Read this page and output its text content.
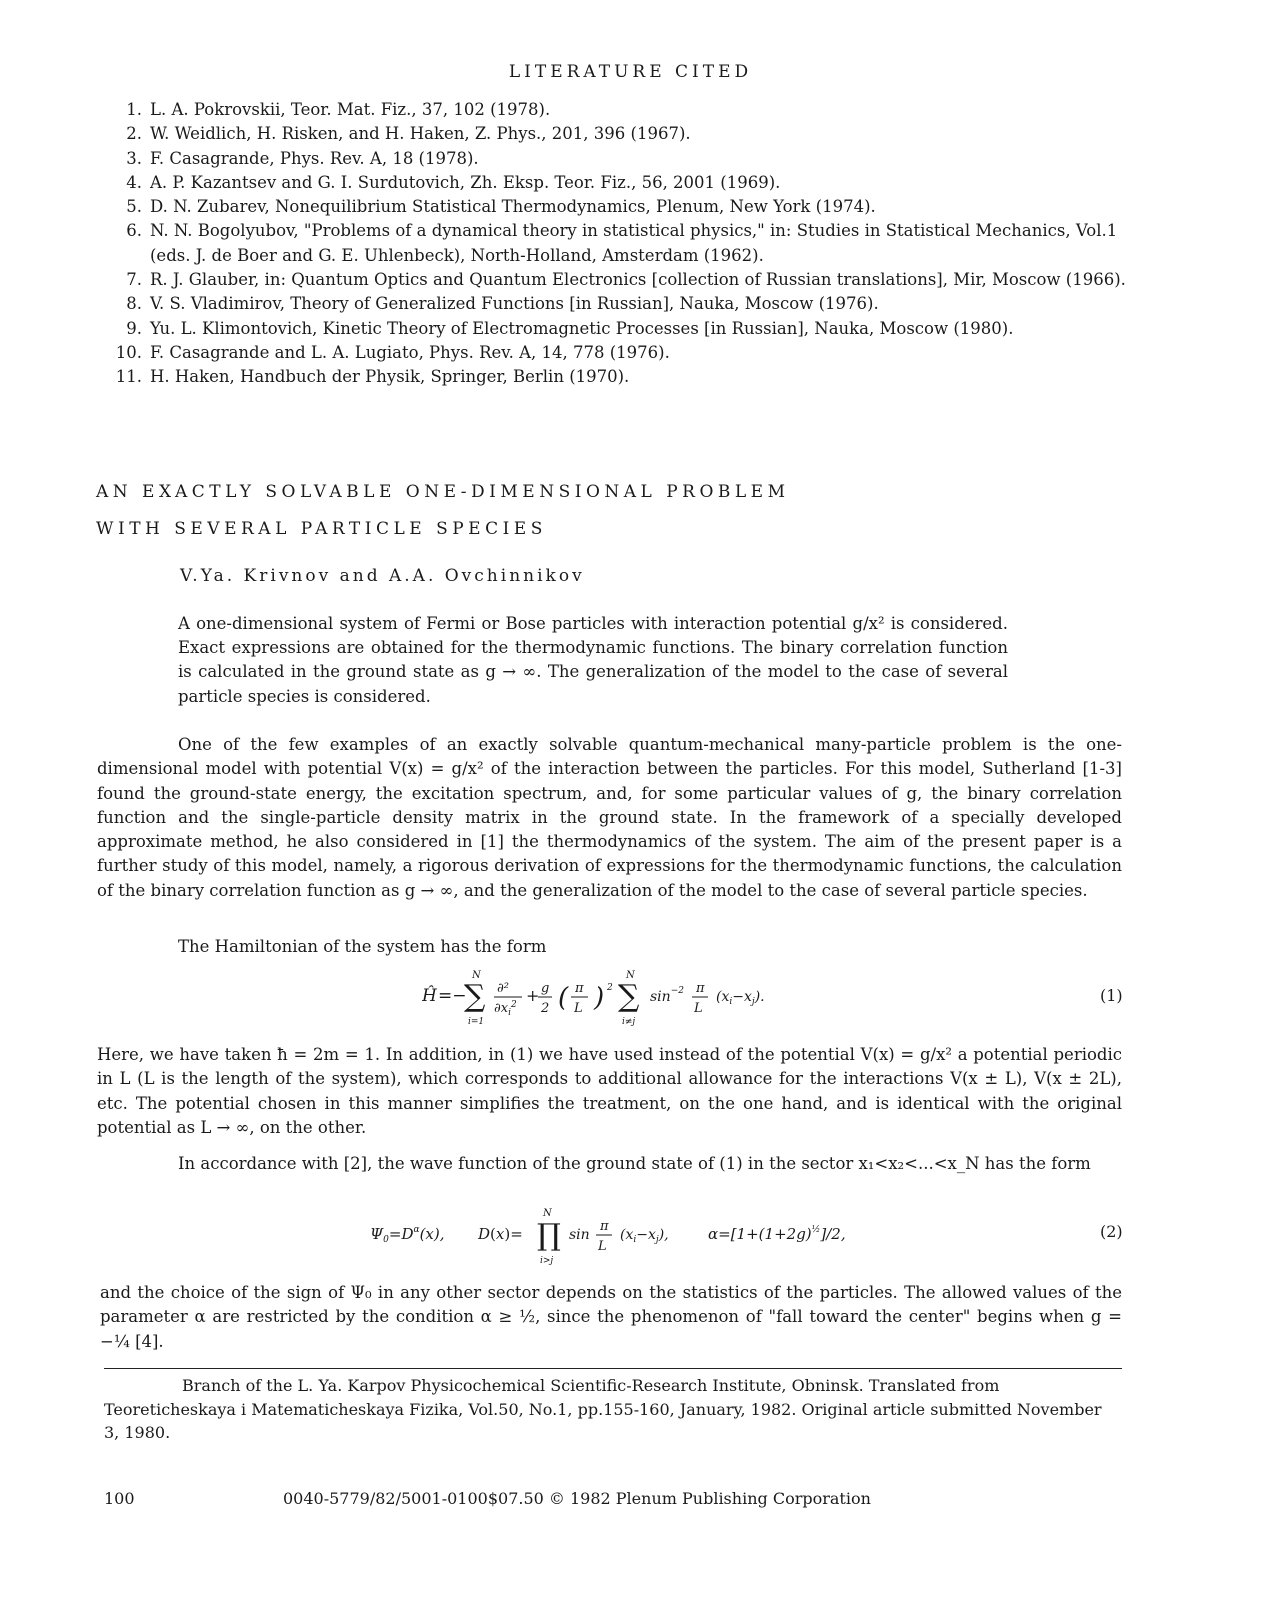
LITERATURE CITED
1. L. A. Pokrovskii, Teor. Mat. Fiz., 37, 102 (1978).
2. W. Weidlich, H. Risken, and H. Haken, Z. Phys., 201, 396 (1967).
3. F. Casagrande, Phys. Rev. A, 18 (1978).
4. A. P. Kazantsev and G. I. Surdutovich, Zh. Eksp. Teor. Fiz., 56, 2001 (1969).
5. D. N. Zubarev, Nonequilibrium Statistical Thermodynamics, Plenum, New York (1974).
6. N. N. Bogolyubov, "Problems of a dynamical theory in statistical physics," in: Studies in Statistical Mechanics, Vol.1 (eds. J. de Boer and G. E. Uhlenbeck), North-Holland, Amsterdam (1962).
7. R. J. Glauber, in: Quantum Optics and Quantum Electronics [collection of Russian translations], Mir, Moscow (1966).
8. V. S. Vladimirov, Theory of Generalized Functions [in Russian], Nauka, Moscow (1976).
9. Yu. L. Klimontovich, Kinetic Theory of Electromagnetic Processes [in Russian], Nauka, Moscow (1980).
10. F. Casagrande and L. A. Lugiato, Phys. Rev. A, 14, 778 (1976).
11. H. Haken, Handbuch der Physik, Springer, Berlin (1970).
AN EXACTLY SOLVABLE ONE-DIMENSIONAL PROBLEM
WITH SEVERAL PARTICLE SPECIES
V.Ya. Krivnov and A.A. Ovchinnikov
A one-dimensional system of Fermi or Bose particles with interaction potential g/x² is considered. Exact expressions are obtained for the thermodynamic functions. The binary correlation function is calculated in the ground state as g → ∞. The generalization of the model to the case of several particle species is considered.
One of the few examples of an exactly solvable quantum-mechanical many-particle problem is the one-dimensional model with potential V(x) = g/x² of the interaction between the particles. For this model, Sutherland [1-3] found the ground-state energy, the excitation spectrum, and, for some particular values of g, the binary correlation function and the single-particle density matrix in the ground state. In the framework of a specially developed approximate method, he also considered in [1] the thermodynamics of the system. The aim of the present paper is a further study of this model, namely, a rigorous derivation of expressions for the thermodynamic functions, the calculation of the binary correlation function as g → ∞, and the generalization of the model to the case of several particle species.
The Hamiltonian of the system has the form
Ĥ =−
∑
N
i=1
∂²
$\partial x_i^2 + g$
2 ( π
L ) 2 ∑
N
i≠j
$\sin^{-2} \pi$
L
$(x_i-x_j)$.	(1)
Here, we have taken ħ = 2m = 1. In addition, in (1) we have used instead of the potential V(x) = g/x² a potential periodic in L (L is the length of the system), which corresponds to additional allowance for the interactions V(x ± L), V(x ± 2L), etc. The potential chosen in this manner simplifies the treatment, on the one hand, and is identical with the original potential as L → ∞, on the other.
In accordance with [2], the wave function of the ground state of (1) in the sector x₁<x₂<...<x_N has the form
$\Psi_0=D^\alpha(x)$, D(x)= ∏
N
i>j
sin
π
L
$(x_i-x_j)$,	$\alpha=[1+(1+2g)^{\frac{1}{2}}]/2$,	(2)
and the choice of the sign of Ψ₀ in any other sector depends on the statistics of the particles. The allowed values of the parameter α are restricted by the condition α ≥ ½, since the phenomenon of "fall toward the center" begins when g = −¼ [4].
Branch of the L. Ya. Karpov Physicochemical Scientific-Research Institute, Obninsk. Translated from Teoreticheskaya i Matematicheskaya Fizika, Vol.50, No.1, pp.155-160, January, 1982. Original article submitted November 3, 1980.
100	0040-5779/82/5001-0100$07.50 © 1982 Plenum Publishing Corporation
